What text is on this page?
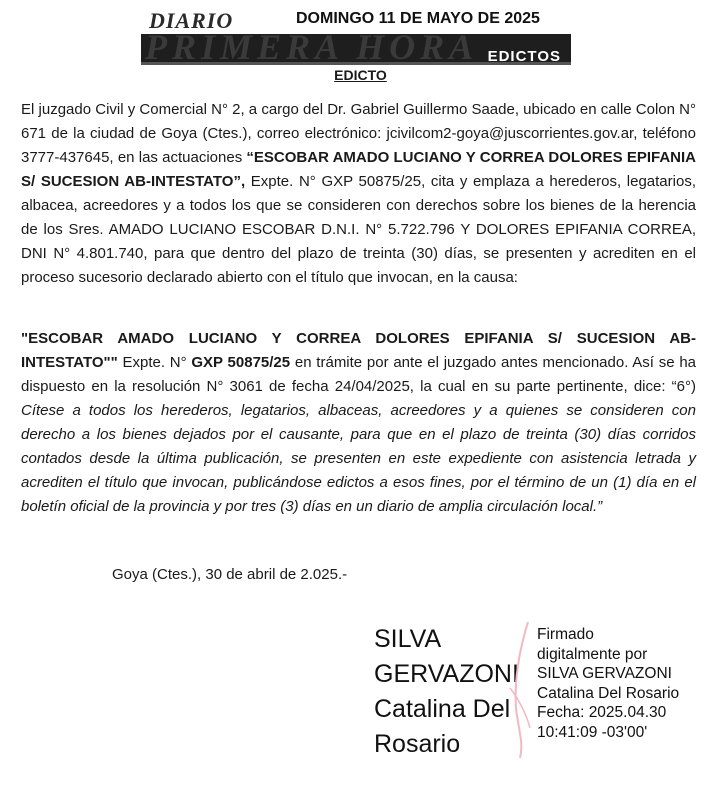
DIARIO	DOMINGO 11 DE MAYO DE 2025
PRIMERA HORA EDICTOS
EDICTO
El juzgado Civil y Comercial N° 2, a cargo del Dr. Gabriel Guillermo Saade, ubicado en calle Colon N° 671 de la ciudad de Goya (Ctes.), correo electrónico: jcivilcom2-goya@juscorrientes.gov.ar, teléfono 3777-437645, en las actuaciones “ESCOBAR AMADO LUCIANO Y CORREA DOLORES EPIFANIA S/ SUCESION AB-INTESTATO”, Expte. N° GXP 50875/25, cita y emplaza a herederos, legatarios, albacea, acreedores y a todos los que se consideren con derechos sobre los bienes de la herencia de los Sres. AMADO LUCIANO ESCOBAR D.N.I. N° 5.722.796 Y DOLORES EPIFANIA CORREA, DNI N° 4.801.740, para que dentro del plazo de treinta (30) días, se presenten y acrediten en el proceso sucesorio declarado abierto con el título que invocan, en la causa:
"ESCOBAR AMADO LUCIANO Y CORREA DOLORES EPIFANIA S/ SUCESION AB-INTESTATO"" Expte. N° GXP 50875/25 en trámite por ante el juzgado antes mencionado. Así se ha dispuesto en la resolución N° 3061 de fecha 24/04/2025, la cual en su parte pertinente, dice: “6°) Cítese a todos los herederos, legatarios, albaceas, acreedores y a quienes se consideren con derecho a los bienes dejados por el causante, para que en el plazo de treinta (30) días corridos contados desde la última publicación, se presenten en este expediente con asistencia letrada y acrediten el título que invocan, publicándose edictos a esos fines, por el término de un (1) día en el boletín oficial de la provincia y por tres (3) días en un diario de amplia circulación local.”
Goya (Ctes.), 30 de abril de 2.025.-
SILVA
GERVAZONI
Catalina Del
Rosario
Firmado
digitalmente por
SILVA GERVAZONI
Catalina Del Rosario
Fecha: 2025.04.30
10:41:09 -03'00'
